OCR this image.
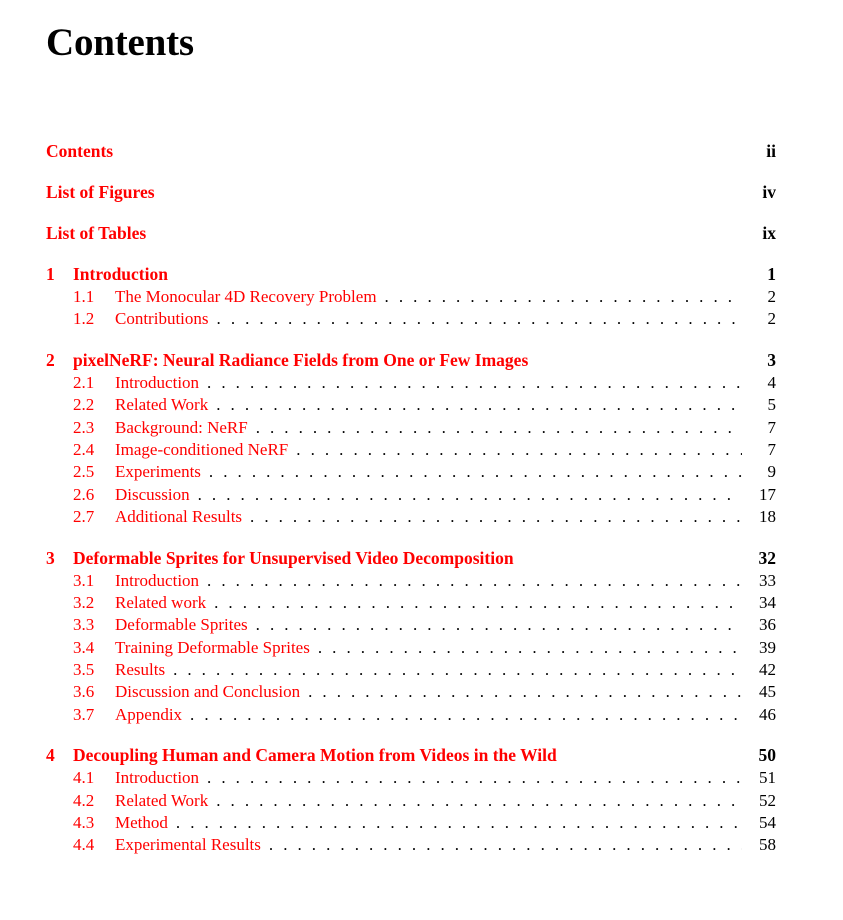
Contents
Contents	ii
List of Figures	iv
List of Tables	ix
1	Introduction	1
1.1	The Monocular 4D Recovery Problem . . .	2
1.2	Contributions . . .	2
2	pixelNeRF: Neural Radiance Fields from One or Few Images	3
2.1	Introduction . . .	4
2.2	Related Work . . .	5
2.3	Background: NeRF . . .	7
2.4	Image-conditioned NeRF . . .	7
2.5	Experiments . . .	9
2.6	Discussion . . .	17
2.7	Additional Results . . .	18
3	Deformable Sprites for Unsupervised Video Decomposition	32
3.1	Introduction . . .	33
3.2	Related work . . .	34
3.3	Deformable Sprites . . .	36
3.4	Training Deformable Sprites . . .	39
3.5	Results . . .	42
3.6	Discussion and Conclusion . . .	45
3.7	Appendix . . .	46
4	Decoupling Human and Camera Motion from Videos in the Wild	50
4.1	Introduction . . .	51
4.2	Related Work . . .	52
4.3	Method . . .	54
4.4	Experimental Results . . .	58
